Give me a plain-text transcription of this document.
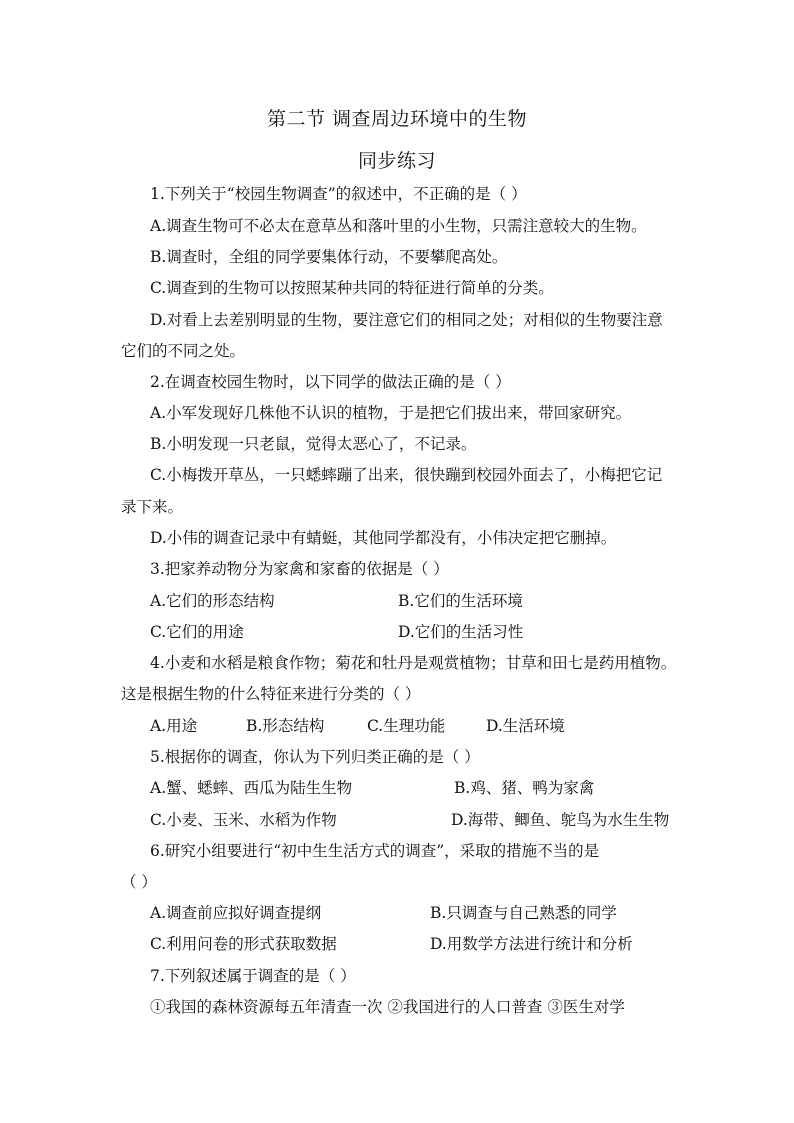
第二节 调查周边环境中的生物
同步练习
1.下列关于“校园生物调查”的叙述中，不正确的是（ ）
A.调查生物可不必太在意草丛和落叶里的小生物，只需注意较大的生物。
B.调查时，全组的同学要集体行动，不要攀爬高处。
C.调查到的生物可以按照某种共同的特征进行简单的分类。
D.对看上去差别明显的生物，要注意它们的相同之处；对相似的生物要注意
它们的不同之处。
2.在调查校园生物时，以下同学的做法正确的是（ ）
A.小军发现好几株他不认识的植物，于是把它们拔出来，带回家研究。
B.小明发现一只老鼠，觉得太恶心了，不记录。
C.小梅拨开草丛，一只蟋蟀蹦了出来，很快蹦到校园外面去了，小梅把它记
录下来。
D.小伟的调查记录中有蜻蜓，其他同学都没有，小伟决定把它删掉。
3.把家养动物分为家禽和家畜的依据是（ ）
A.它们的形态结构	B.它们的生活环境
C.它们的用途	D.它们的生活习性
4.小麦和水稻是粮食作物；菊花和牡丹是观赏植物；甘草和田七是药用植物。
这是根据生物的什么特征来进行分类的（ ）
A.用途	B.形态结构	C.生理功能	D.生活环境
5.根据你的调查，你认为下列归类正确的是（ ）
A.蟹、蟋蟀、西瓜为陆生生物	B.鸡、猪、鸭为家禽
C.小麦、玉米、水稻为作物	D.海带、鲫鱼、鸵鸟为水生生物
6.研究小组要进行“初中生生活方式的调查”，采取的措施不当的是
（ ）
A.调查前应拟好调查提纲	B.只调查与自己熟悉的同学
C.利用问卷的形式获取数据	D.用数学方法进行统计和分析
7.下列叙述属于调查的是（ ）
①我国的森林资源每五年清查一次 ②我国进行的人口普查 ③医生对学
